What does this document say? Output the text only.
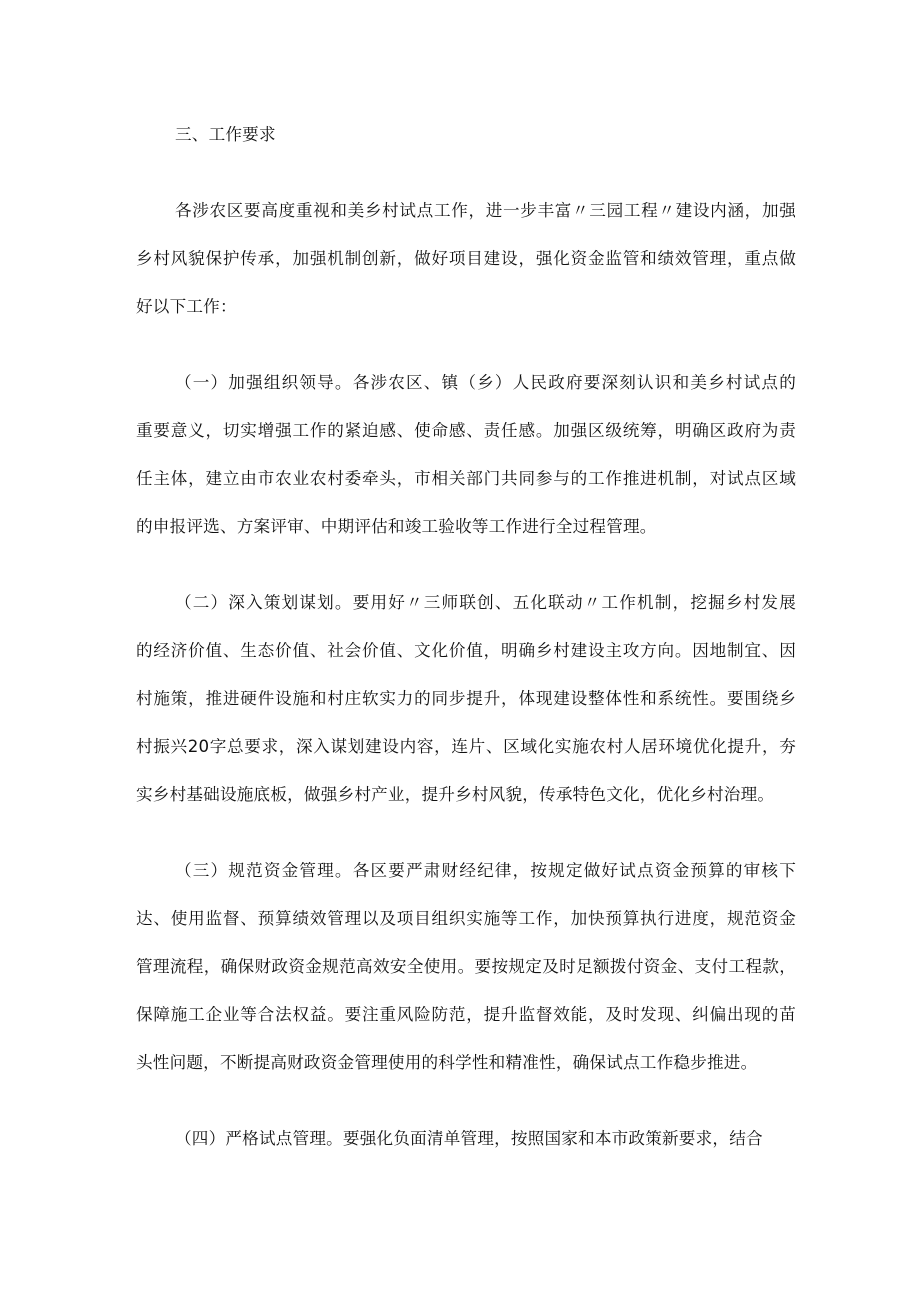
三、工作要求
各涉农区要高度重视和美乡村试点工作，进一步丰富〃三园工程〃建设内涵，加强
乡村风貌保护传承，加强机制创新，做好项目建设，强化资金监管和绩效管理，重点做
好以下工作：
（一）加强组织领导。各涉农区、镇（乡）人民政府要深刻认识和美乡村试点的
重要意义，切实增强工作的紧迫感、使命感、责任感。加强区级统筹，明确区政府为责
任主体，建立由市农业农村委牵头，市相关部门共同参与的工作推进机制，对试点区域
的申报评选、方案评审、中期评估和竣工验收等工作进行全过程管理。
（二）深入策划谋划。要用好〃三师联创、五化联动〃工作机制，挖掘乡村发展
的经济价值、生态价值、社会价值、文化价值，明确乡村建设主攻方向。因地制宜、因
村施策，推进硬件设施和村庄软实力的同步提升，体现建设整体性和系统性。要围绕乡
村振兴20字总要求，深入谋划建设内容，连片、区域化实施农村人居环境优化提升，夯
实乡村基础设施底板，做强乡村产业，提升乡村风貌，传承特色文化，优化乡村治理。
（三）规范资金管理。各区要严肃财经纪律，按规定做好试点资金预算的审核下
达、使用监督、预算绩效管理以及项目组织实施等工作，加快预算执行进度，规范资金
管理流程，确保财政资金规范高效安全使用。要按规定及时足额拨付资金、支付工程款，
保障施工企业等合法权益。要注重风险防范，提升监督效能，及时发现、纠偏出现的苗
头性问题，不断提高财政资金管理使用的科学性和精准性，确保试点工作稳步推进。
（四）严格试点管理。要强化负面清单管理，按照国家和本市政策新要求，结合
